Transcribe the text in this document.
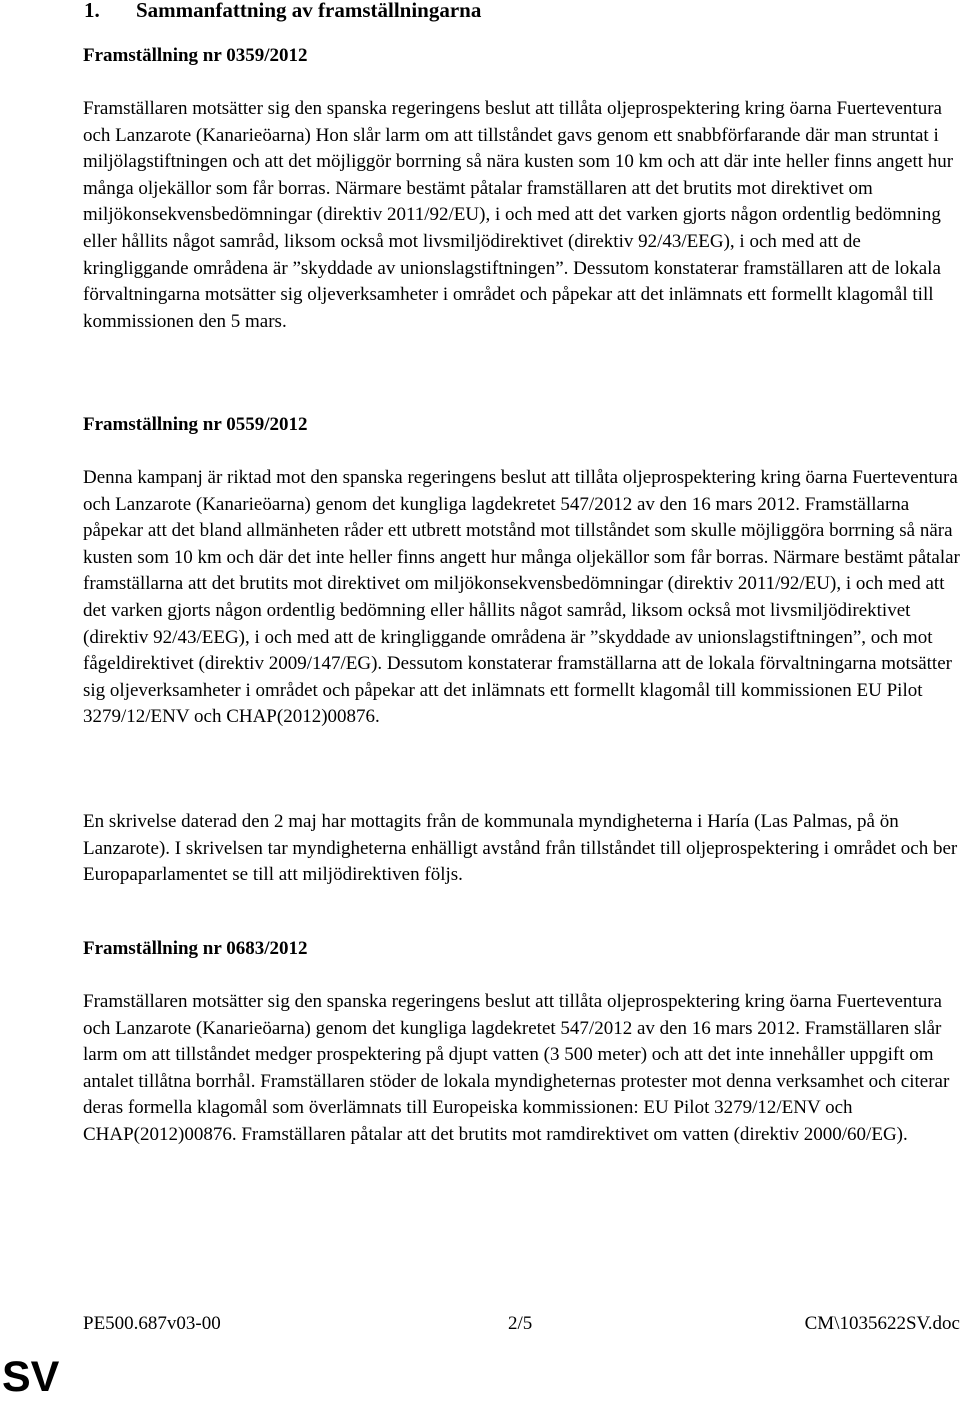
1. Sammanfattning av framställningarna
Framställning nr 0359/2012

Framställaren motsätter sig den spanska regeringens beslut att tillåta oljeprospektering kring öarna Fuerteventura och Lanzarote (Kanarieöarna) Hon slår larm om att tillståndet gavs genom ett snabbförfarande där man struntat i miljölagstiftningen och att det möjliggör borrning så nära kusten som 10 km och att där inte heller finns angett hur många oljekällor som får borras. Närmare bestämt påtalar framställaren att det brutits mot direktivet om miljökonsekvensbedömningar (direktiv 2011/92/EU), i och med att det varken gjorts någon ordentlig bedömning eller hållits något samråd, liksom också mot livsmiljödirektivet (direktiv 92/43/EEG), i och med att de kringliggande områdena är ”skyddade av unionslagstiftningen”. Dessutom konstaterar framställaren att de lokala förvaltningarna motsätter sig oljeverksamheter i området och påpekar att det inlämnats ett formellt klagomål till kommissionen den 5 mars.

Framställning nr 0559/2012

Denna kampanj är riktad mot den spanska regeringens beslut att tillåta oljeprospektering kring öarna Fuerteventura och Lanzarote (Kanarieöarna) genom det kungliga lagdekretet 547/2012 av den 16 mars 2012. Framställarna påpekar att det bland allmänheten råder ett utbrett motstånd mot tillståndet som skulle möjliggöra borrning så nära kusten som 10 km och där det inte heller finns angett hur många oljekällor som får borras. Närmare bestämt påtalar framställarna att det brutits mot direktivet om miljökonsekvensbedömningar (direktiv 2011/92/EU), i och med att det varken gjorts någon ordentlig bedömning eller hållits något samråd, liksom också mot livsmiljödirektivet (direktiv 92/43/EEG), i och med att de kringliggande områdena är ”skyddade av unionslagstiftningen”, och mot fågeldirektivet (direktiv 2009/147/EG). Dessutom konstaterar framställarna att de lokala förvaltningarna motsätter sig oljeverksamheter i området och påpekar att det inlämnats ett formellt klagomål till kommissionen EU Pilot 3279/12/ENV och CHAP(2012)00876.

En skrivelse daterad den 2 maj har mottagits från de kommunala myndigheterna i Haría (Las Palmas, på ön Lanzarote). I skrivelsen tar myndigheterna enhälligt avstånd från tillståndet till oljeprospektering i området och ber Europaparlamentet se till att miljödirektiven följs.

Framställning nr 0683/2012

Framställaren motsätter sig den spanska regeringens beslut att tillåta oljeprospektering kring öarna Fuerteventura och Lanzarote (Kanarieöarna) genom det kungliga lagdekretet 547/2012 av den 16 mars 2012. Framställaren slår larm om att tillståndet medger prospektering på djupt vatten (3 500 meter) och att det inte innehåller uppgift om antalet tillåtna borrhål. Framställaren stöder de lokala myndigheternas protester mot denna verksamhet och citerar deras formella klagomål som överlämnats till Europeiska kommissionen: EU Pilot 3279/12/ENV och CHAP(2012)00876. Framställaren påtalar att det brutits mot ramdirektivet om vatten (direktiv 2000/60/EG).

PE500.687v03-00	2/5	CM\1035622SV.doc
SV
